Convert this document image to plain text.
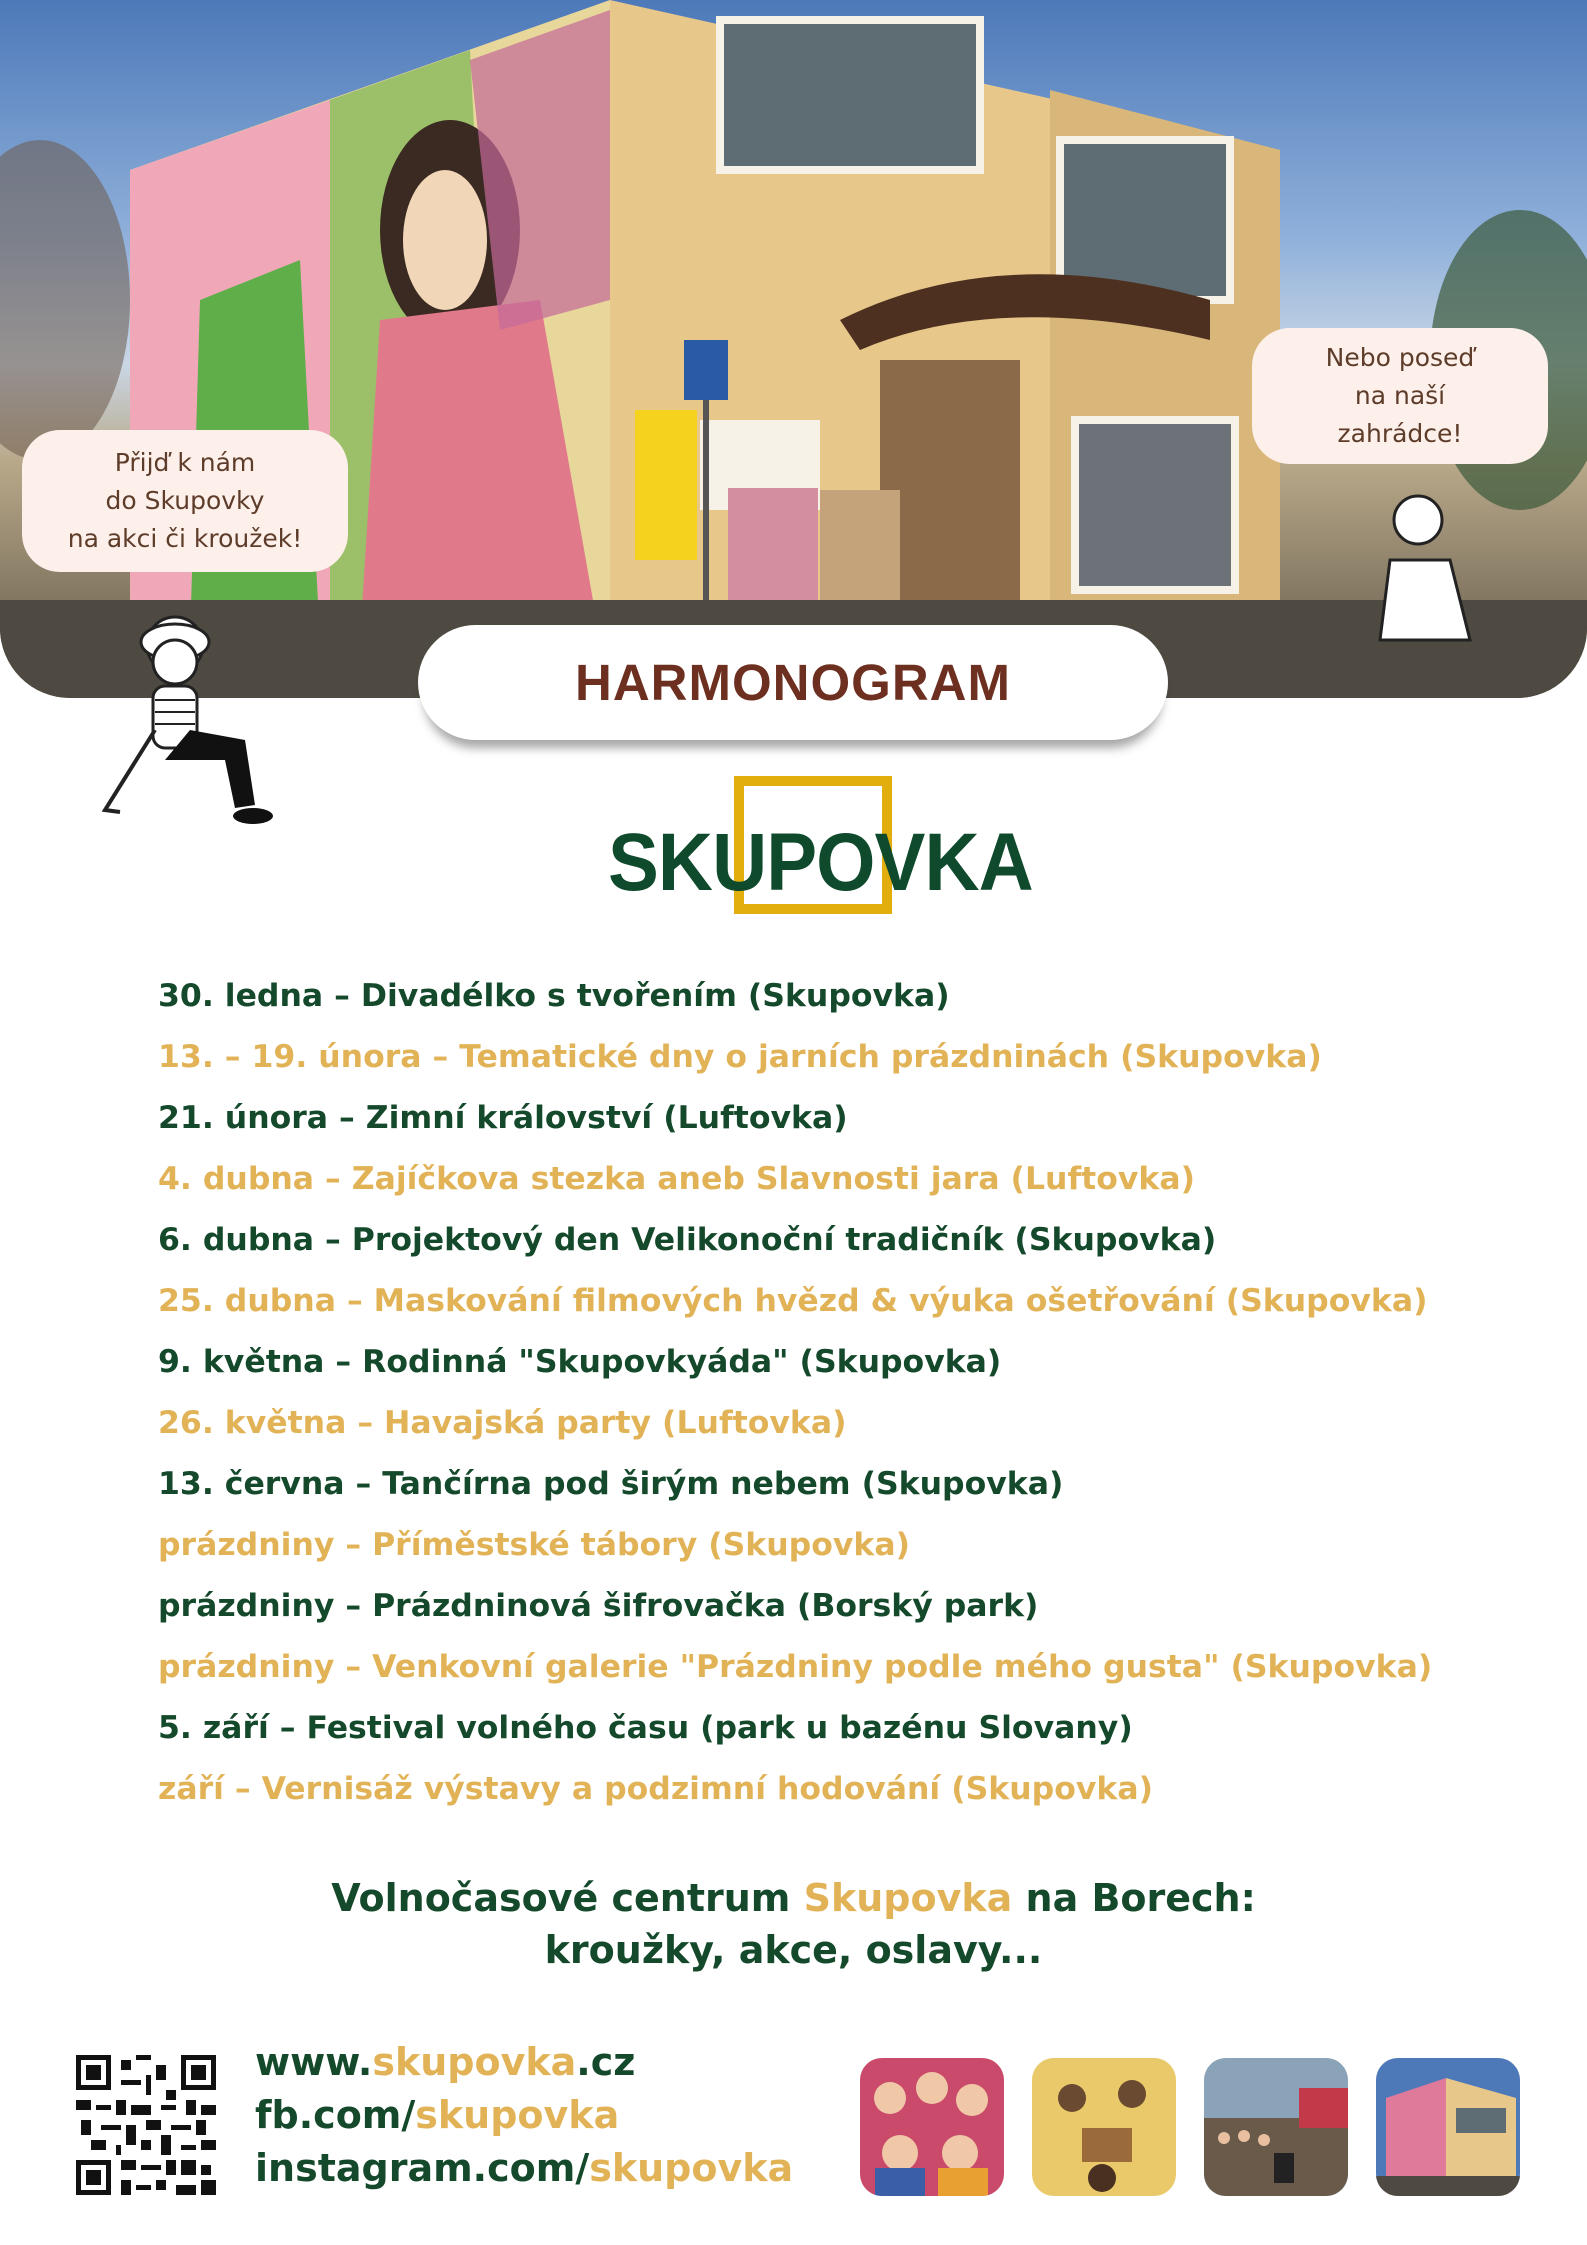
Přijď k nám
do Skupovky
na akci či kroužek!
Nebo poseď
na naší
zahrádce!
HARMONOGRAM
SKUPOVKA
30. ledna – Divadélko s tvořením (Skupovka)
13. – 19. února – Tematické dny o jarních prázdninách (Skupovka)
21. února – Zimní království (Luftovka)
4. dubna – Zajíčkova stezka aneb Slavnosti jara (Luftovka)
6. dubna – Projektový den Velikonoční tradičník (Skupovka)
25. dubna – Maskování filmových hvězd & výuka ošetřování (Skupovka)
9. května – Rodinná "Skupovkyáda" (Skupovka)
26. května – Havajská party (Luftovka)
13. června – Tančírna pod širým nebem (Skupovka)
prázdniny – Příměstské tábory (Skupovka)
prázdniny – Prázdninová šifrovačka (Borský park)
prázdniny – Venkovní galerie "Prázdniny podle mého gusta" (Skupovka)
5. září – Festival volného času (park u bazénu Slovany)
září – Vernisáž výstavy a podzimní hodování (Skupovka)
Volnočasové centrum Skupovka na Borech:
kroužky, akce, oslavy...
www.skupovka.cz
fb.com/skupovka
instagram.com/skupovka
